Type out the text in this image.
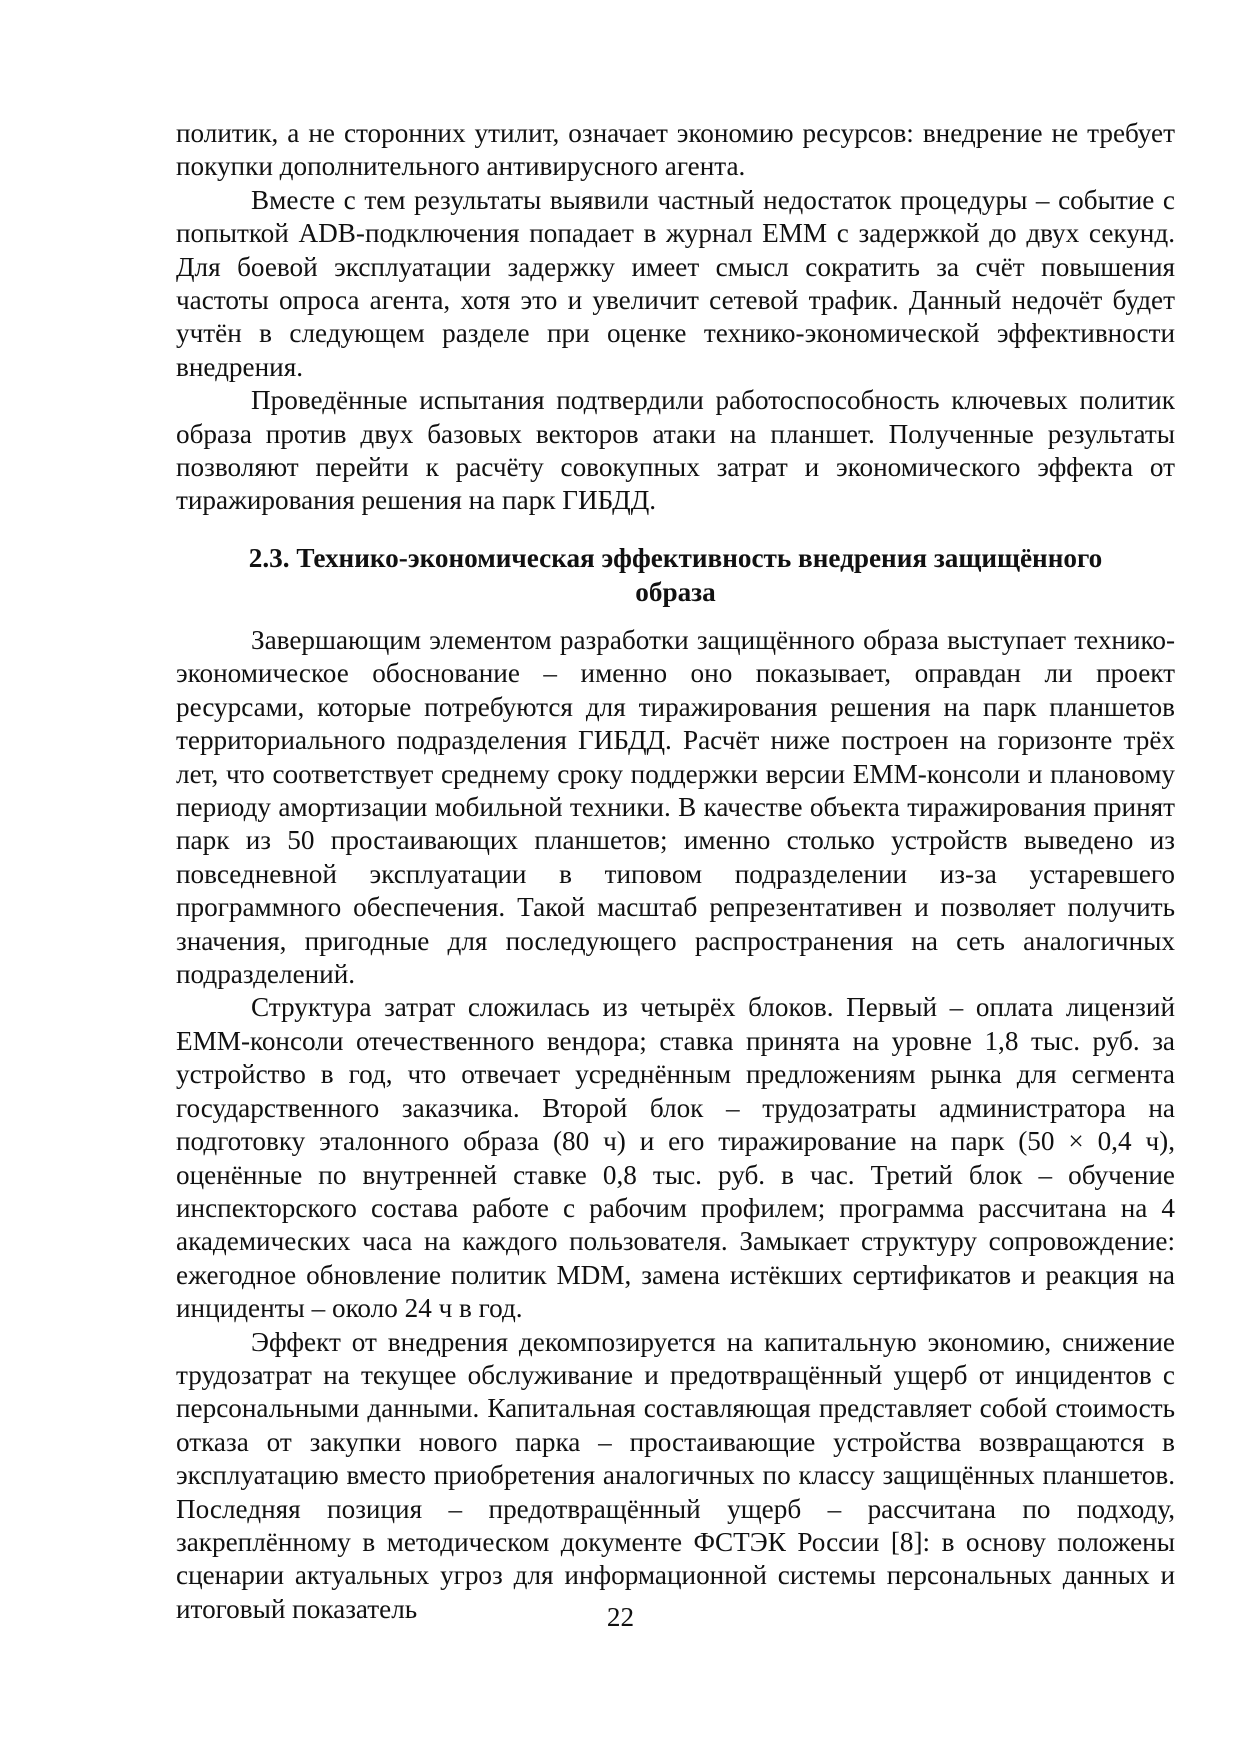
политик, а не сторонних утилит, означает экономию ресурсов: внедрение не требует покупки дополнительного антивирусного агента.

Вместе с тем результаты выявили частный недостаток процедуры – событие с попыткой ADB-подключения попадает в журнал EMM с задержкой до двух секунд. Для боевой эксплуатации задержку имеет смысл сократить за счёт повышения частоты опроса агента, хотя это и увеличит сетевой трафик. Данный недочёт будет учтён в следующем разделе при оценке технико-экономической эффективности внедрения.

Проведённые испытания подтвердили работоспособность ключевых политик образа против двух базовых векторов атаки на планшет. Полученные результаты позволяют перейти к расчёту совокупных затрат и экономического эффекта от тиражирования решения на парк ГИБДД.

2.3. Технико-экономическая эффективность внедрения защищённого
образа

Завершающим элементом разработки защищённого образа выступает технико-экономическое обоснование – именно оно показывает, оправдан ли проект ресурсами, которые потребуются для тиражирования решения на парк планшетов территориального подразделения ГИБДД. Расчёт ниже построен на горизонте трёх лет, что соответствует среднему сроку поддержки версии EMM-консоли и плановому периоду амортизации мобильной техники. В качестве объекта тиражирования принят парк из 50 простаивающих планшетов; именно столько устройств выведено из повседневной эксплуатации в типовом подразделении из-за устаревшего программного обеспечения. Такой масштаб репрезентативен и позволяет получить значения, пригодные для последующего распространения на сеть аналогичных подразделений.

Структура затрат сложилась из четырёх блоков. Первый – оплата лицензий EMM-консоли отечественного вендора; ставка принята на уровне 1,8 тыс. руб. за устройство в год, что отвечает усреднённым предложениям рынка для сегмента государственного заказчика. Второй блок – трудозатраты администратора на подготовку эталонного образа (80 ч) и его тиражирование на парк (50 × 0,4 ч), оценённые по внутренней ставке 0,8 тыс. руб. в час. Третий блок – обучение инспекторского состава работе с рабочим профилем; программа рассчитана на 4 академических часа на каждого пользователя. Замыкает структуру сопровождение: ежегодное обновление политик MDM, замена истёкших сертификатов и реакция на инциденты – около 24 ч в год.

Эффект от внедрения декомпозируется на капитальную экономию, снижение трудозатрат на текущее обслуживание и предотвращённый ущерб от инцидентов с персональными данными. Капитальная составляющая представляет собой стоимость отказа от закупки нового парка – простаивающие устройства возвращаются в эксплуатацию вместо приобретения аналогичных по классу защищённых планшетов. Последняя позиция – предотвращённый ущерб – рассчитана по подходу, закреплённому в методическом документе ФСТЭК России [8]: в основу положены сценарии актуальных угроз для информационной системы персональных данных и итоговый показатель	22
